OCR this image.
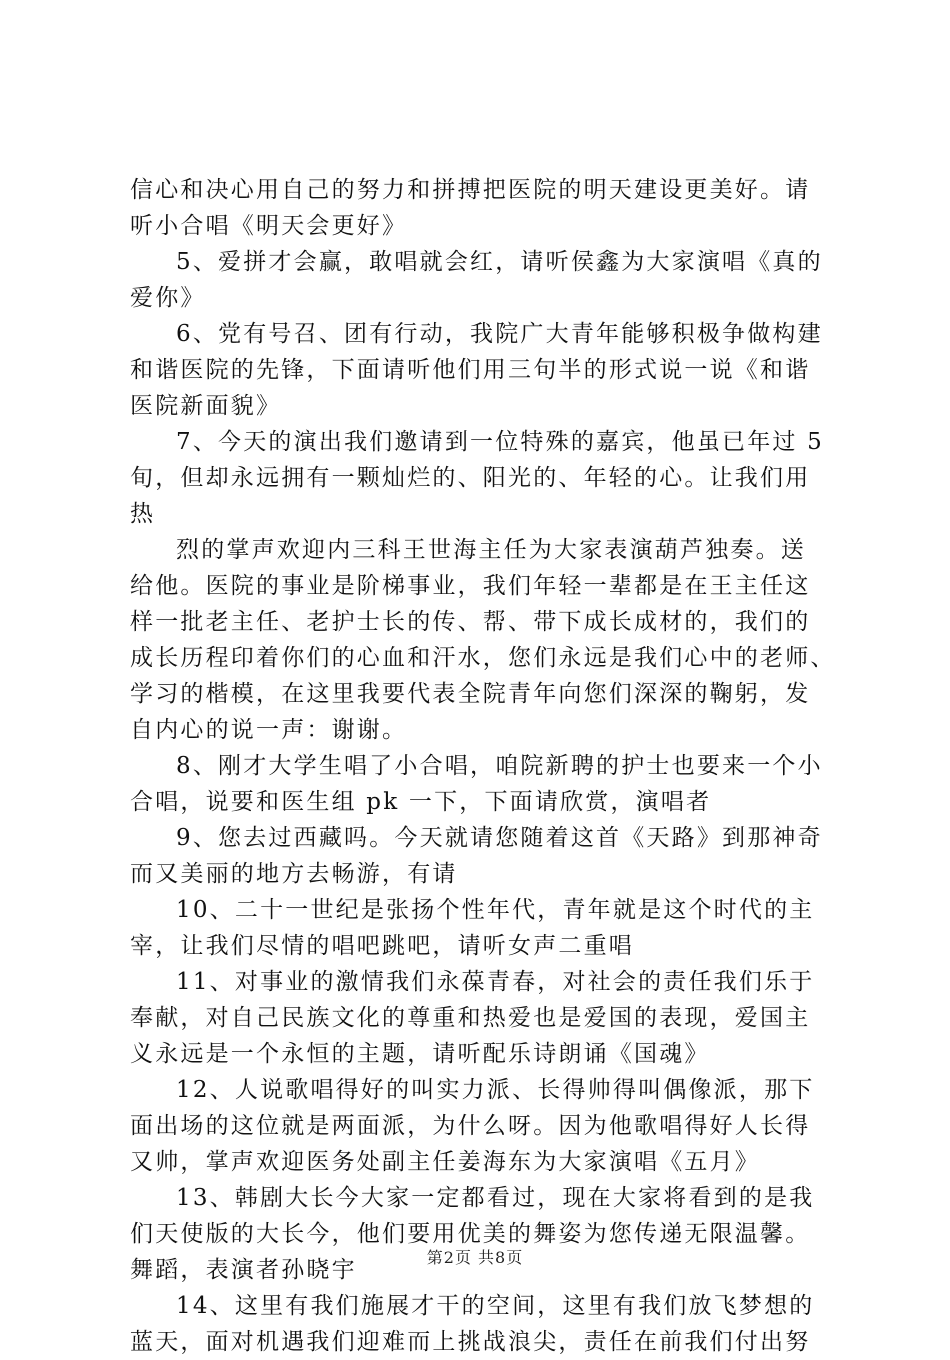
信心和决心用自己的努力和拼搏把医院的明天建设更美好。请
听小合唱《明天会更好》
5、爱拼才会赢，敢唱就会红，请听侯鑫为大家演唱《真的
爱你》
6、党有号召、团有行动，我院广大青年能够积极争做构建
和谐医院的先锋，下面请听他们用三句半的形式说一说《和谐
医院新面貌》
7、今天的演出我们邀请到一位特殊的嘉宾，他虽已年过 5
旬，但却永远拥有一颗灿烂的、阳光的、年轻的心。让我们用
热
烈的掌声欢迎内三科王世海主任为大家表演葫芦独奏。送
给他。医院的事业是阶梯事业，我们年轻一辈都是在王主任这
样一批老主任、老护士长的传、帮、带下成长成材的，我们的
成长历程印着你们的心血和汗水，您们永远是我们心中的老师、
学习的楷模，在这里我要代表全院青年向您们深深的鞠躬，发
自内心的说一声：谢谢。
8、刚才大学生唱了小合唱，咱院新聘的护士也要来一个小
合唱，说要和医生组 pk 一下，下面请欣赏，演唱者
9、您去过西藏吗。今天就请您随着这首《天路》到那神奇
而又美丽的地方去畅游，有请
10、二十一世纪是张扬个性年代，青年就是这个时代的主
宰，让我们尽情的唱吧跳吧，请听女声二重唱
11、对事业的激情我们永葆青春，对社会的责任我们乐于
奉献，对自己民族文化的尊重和热爱也是爱国的表现，爱国主
义永远是一个永恒的主题，请听配乐诗朗诵《国魂》
12、人说歌唱得好的叫实力派、长得帅得叫偶像派，那下
面出场的这位就是两面派，为什么呀。因为他歌唱得好人长得
又帅，掌声欢迎医务处副主任姜海东为大家演唱《五月》
13、韩剧大长今大家一定都看过，现在大家将看到的是我
们天使版的大长今，他们要用优美的舞姿为您传递无限温馨。
舞蹈，表演者孙晓宇
14、这里有我们施展才干的空间，这里有我们放飞梦想的
蓝天，面对机遇我们迎难而上挑战浪尖，责任在前我们付出努
第2页 共8页
